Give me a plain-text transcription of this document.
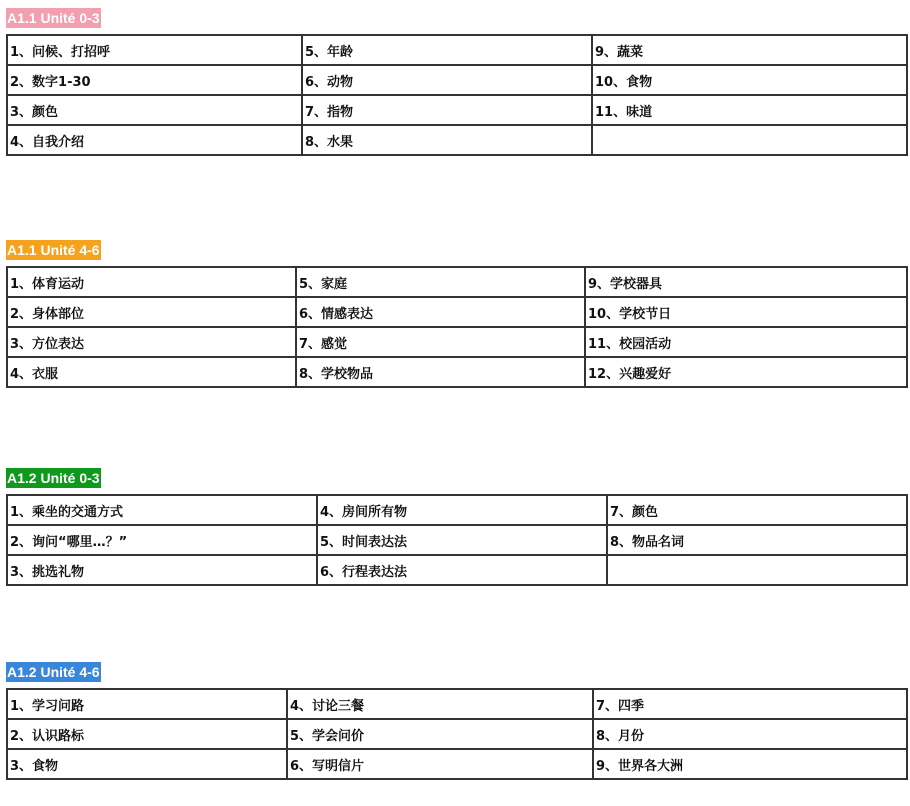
A1.1 Unité 0-3
1、问候、打招呼	5、年龄	9、蔬菜
2、数字1-30	6、动物	10、食物
3、颜色	7、指物	11、味道
4、自我介绍	8、水果	
A1.1 Unité 4-6
1、体育运动	5、家庭	9、学校器具
2、身体部位	6、情感表达	10、学校节日
3、方位表达	7、感觉	11、校园活动
4、衣服	8、学校物品	12、兴趣爱好
A1.2 Unité 0-3
1、乘坐的交通方式	4、房间所有物	7、颜色
2、询问“哪里…？”	5、时间表达法	8、物品名词
3、挑选礼物	6、行程表达法	
A1.2 Unité 4-6
1、学习问路	4、讨论三餐	7、四季
2、认识路标	5、学会问价	8、月份
3、食物	6、写明信片	9、世界各大洲
